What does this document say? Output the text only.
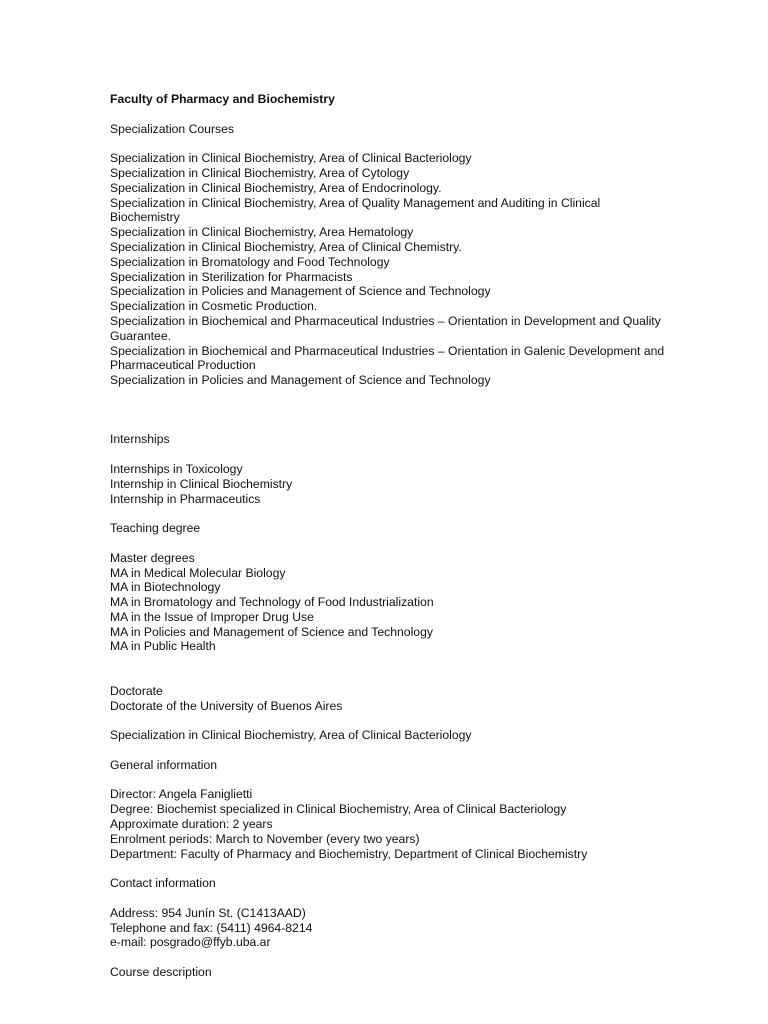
Faculty of Pharmacy and Biochemistry

Specialization Courses

Specialization in Clinical Biochemistry, Area of Clinical Bacteriology
Specialization in Clinical Biochemistry, Area of Cytology
Specialization in Clinical Biochemistry, Area of Endocrinology.
Specialization in Clinical Biochemistry, Area of Quality Management and Auditing in Clinical Biochemistry
Specialization in Clinical Biochemistry, Area Hematology
Specialization in Clinical Biochemistry, Area of Clinical Chemistry.
Specialization in Bromatology and Food Technology
Specialization in Sterilization for Pharmacists
Specialization in Policies and Management of Science and Technology
Specialization in Cosmetic Production.
Specialization in Biochemical and Pharmaceutical Industries – Orientation in Development and Quality Guarantee.
Specialization in Biochemical and Pharmaceutical Industries – Orientation in Galenic Development and Pharmaceutical Production
Specialization in Policies and Management of Science and Technology

Internships

Internships in Toxicology
Internship in Clinical Biochemistry
Internship in Pharmaceutics

Teaching degree

Master degrees

MA in Medical Molecular Biology
MA in Biotechnology
MA in Bromatology and Technology of Food Industrialization
MA in the Issue of Improper Drug Use
MA in Policies and Management of Science and Technology
MA in Public Health

Doctorate

Doctorate of the University of Buenos Aires

Specialization in Clinical Biochemistry, Area of Clinical Bacteriology

General information

Director: Angela Faniglietti
Degree: Biochemist specialized in Clinical Biochemistry, Area of Clinical Bacteriology
Approximate duration: 2 years
Enrolment periods: March to November (every two years)
Department: Faculty of Pharmacy and Biochemistry, Department of Clinical Biochemistry

Contact information

Address: 954 Junín St. (C1413AAD)
Telephone and fax: (5411) 4964-8214
e-mail: posgrado@ffyb.uba.ar

Course description
